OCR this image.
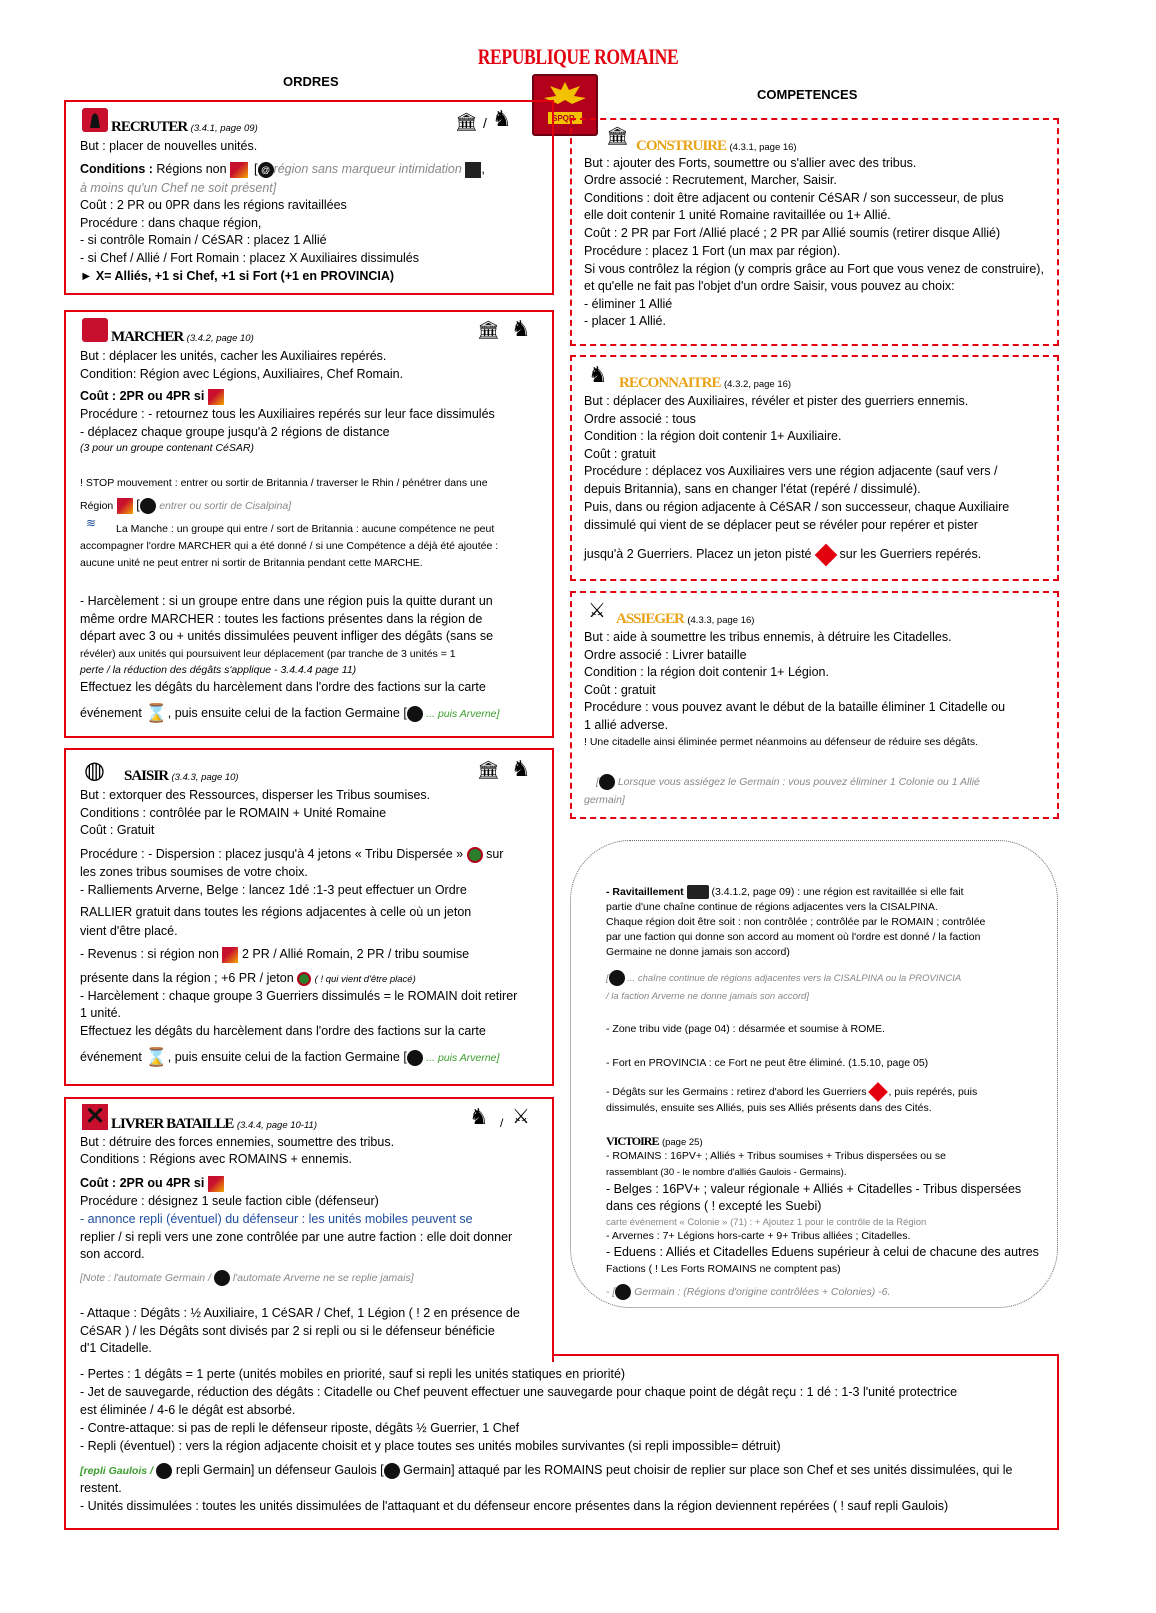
REPUBLIQUE ROMAINE
ORDRES
COMPETENCES
SPQR
RECRUTER (3.4.1, page 09)	🏛 / ♞
But : placer de nouvelles unités.
Conditions : Régions non [ @ région sans marqueur intimidation ,
à moins qu'un Chef ne soit présent]
Coût : 2 PR ou 0PR dans les régions ravitaillées
Procédure : dans chaque région,
- si contrôle Romain / CéSAR : placez 1 Allié
- si Chef / Allié / Fort Romain : placez X Auxiliaires dissimulés
► X= Alliés, +1 si Chef, +1 si Fort (+1 en PROVINCIA)
MARCHER (3.4.2, page 10)	🏛 ♞
But : déplacer les unités, cacher les Auxiliaires repérés.
Condition: Région avec Légions, Auxiliaires, Chef Romain.
Coût : 2PR ou 4PR si
Procédure : - retournez tous les Auxiliaires repérés sur leur face dissimulés
- déplacez chaque groupe jusqu'à 2 régions de distance
(3 pour un groupe contenant CéSAR)
! STOP mouvement : entrer ou sortir de Britannia / traverser le Rhin / pénétrer dans une
Région  [ entrer ou sortir de Cisalpina]
≋	La Manche : un groupe qui entre / sort de Britannia : aucune compétence ne peut
accompagner l'ordre MARCHER qui a été donné / si une Compétence a déjà été ajoutée :
aucune unité ne peut entrer ni sortir de Britannia pendant cette MARCHE.
- Harcèlement : si un groupe entre dans une région puis la quitte durant un
même ordre MARCHER : toutes les factions présentes dans la région de
départ avec 3 ou + unités dissimulées peuvent infliger des dégâts (sans se
révéler) aux unités qui poursuivent leur déplacement (par tranche de 3 unités = 1
perte / la réduction des dégâts s'applique - 3.4.4.4 page 11)
Effectuez les dégâts du harcèlement dans l'ordre des factions sur la carte
événement ⌛, puis ensuite celui de la faction Germaine [ ... puis Arverne]
◍	SAISIR (3.4.3, page 10)	🏛 ♞
But : extorquer des Ressources, disperser les Tribus soumises.
Conditions : contrôlée par le ROMAIN + Unité Romaine
Coût : Gratuit
Procédure : - Dispersion : placez jusqu'à 4 jetons « Tribu Dispersée » sur
les zones tribus soumises de votre choix.
- Ralliements Arverne, Belge : lancez 1dé :1-3 peut effectuer un Ordre
RALLIER gratuit dans toutes les régions adjacentes à celle où un jeton
vient d'être placé.
- Revenus : si région non 2 PR / Allié Romain, 2 PR / tribu soumise
présente dans la région ; +6 PR / jeton ( ! qui vient d'être placé)
- Harcèlement : chaque groupe 3 Guerriers dissimulés = le ROMAIN doit retirer
1 unité.
Effectuez les dégâts du harcèlement dans l'ordre des factions sur la carte
événement ⌛, puis ensuite celui de la faction Germaine [ ... puis Arverne]
✕ LIVRER BATAILLE (3.4.4, page 10-11)	♞ / ⚔
But : détruire des forces ennemies, soumettre des tribus.
Conditions : Régions avec ROMAINS + ennemis.
Coût : 2PR ou 4PR si
Procédure : désignez 1 seule faction cible (défenseur)
- annonce repli (éventuel) du défenseur : les unités mobiles peuvent se
replier / si repli vers une zone contrôlée par une autre faction : elle doit donner
son accord.
[Note : l'automate Germain / l'automate Arverne ne se replie jamais]
- Attaque : Dégâts : ½ Auxiliaire, 1 CéSAR / Chef, 1 Légion ( ! 2 en présence de
CéSAR ) / les Dégâts sont divisés par 2 si repli ou si le défenseur bénéficie
d'1 Citadelle.
- Pertes : 1 dégâts = 1 perte (unités mobiles en priorité, sauf si repli les unités statiques en priorité)
- Jet de sauvegarde, réduction des dégâts : Citadelle ou Chef peuvent effectuer une sauvegarde pour chaque point de dégât reçu : 1 dé : 1-3 l'unité protectrice
est éliminée / 4-6 le dégât est absorbé.
- Contre-attaque: si pas de repli le défenseur riposte, dégâts ½ Guerrier, 1 Chef
- Repli (éventuel) : vers la région adjacente choisit et y place toutes ses unités mobiles survivantes (si repli impossible= détruit)
[repli Gaulois / repli Germain] un défenseur Gaulois [ Germain] attaqué par les ROMAINS peut choisir de replier sur place son Chef et ses unités dissimulées, qui le
restent.
- Unités dissimulées : toutes les unités dissimulées de l'attaquant et du défenseur encore présentes dans la région deviennent repérées ( ! sauf repli Gaulois)
🏛 CONSTRUIRE (4.3.1, page 16)
But : ajouter des Forts, soumettre ou s'allier avec des tribus.
Ordre associé : Recrutement, Marcher, Saisir.
Conditions : doit être adjacent ou contenir CéSAR / son successeur, de plus
elle doit contenir 1 unité Romaine ravitaillée ou 1+ Allié.
Coût : 2 PR par Fort /Allié placé ; 2 PR par Allié soumis (retirer disque Allié)
Procédure : placez 1 Fort (un max par région).
Si vous contrôlez la région (y compris grâce au Fort que vous venez de construire),
et qu'elle ne fait pas l'objet d'un ordre Saisir, vous pouvez au choix:
- éliminer 1 Allié
- placer 1 Allié.
♞ RECONNAITRE (4.3.2, page 16)
But : déplacer des Auxiliaires, révéler et pister des guerriers ennemis.
Ordre associé : tous
Condition : la région doit contenir 1+ Auxiliaire.
Coût : gratuit
Procédure : déplacez vos Auxiliaires vers une région adjacente (sauf vers /
depuis Britannia), sans en changer l'état (repéré / dissimulé).
Puis, dans ou région adjacente à CéSAR / son successeur, chaque Auxiliaire
dissimulé qui vient de se déplacer peut se révéler pour repérer et pister
jusqu'à 2 Guerriers. Placez un jeton pisté sur les Guerriers repérés.
⚔ ASSIEGER (4.3.3, page 16)
But : aide à soumettre les tribus ennemis, à détruire les Citadelles.
Ordre associé : Livrer bataille
Condition : la région doit contenir 1+ Légion.
Coût : gratuit
Procédure : vous pouvez avant le début de la bataille éliminer 1 Citadelle ou
1 allié adverse.
! Une citadelle ainsi éliminée permet néanmoins au défenseur de réduire ses dégâts.
[ Lorsque vous assiégez le Germain : vous pouvez éliminer 1 Colonie ou 1 Allié
germain]
- Ravitaillement	(3.4.1.2, page 09) : une région est ravitaillée si elle fait
partie d'une chaîne continue de régions adjacentes vers la CISALPINA.
Chaque région doit être soit : non contrôlée ; contrôlée par le ROMAIN ; contrôlée
par une faction qui donne son accord au moment où l'ordre est donné / la faction
Germaine ne donne jamais son accord)
[ ... chaîne continue de régions adjacentes vers la CISALPINA ou la PROVINCIA
/ la faction Arverne ne donne jamais son accord]
- Zone tribu vide (page 04) : désarmée et soumise à ROME.
- Fort en PROVINCIA : ce Fort ne peut être éliminé. (1.5.10, page 05)
- Dégâts sur les Germains : retirez d'abord les Guerriers , puis repérés, puis
dissimulés, ensuite ses Alliés, puis ses Alliés présents dans des Cités.
VICTOIRE (page 25)
- ROMAINS : 16PV+ ; Alliés + Tribus soumises + Tribus dispersées ou se
rassemblant (30 - le nombre d'alliés Gaulois - Germains).
- Belges : 16PV+ ; valeur régionale + Alliés + Citadelles - Tribus dispersées
dans ces régions ( ! excepté les Suebi)
carte événement « Colonie » (71) : + Ajoutez 1 pour le contrôle de la Région
- Arvernes : 7+ Légions hors-carte + 9+ Tribus alliées ; Citadelles.
- Eduens : Alliés et Citadelles Eduens supérieur à celui de chacune des autres
Factions ( ! Les Forts ROMAINS ne comptent pas)
- [ Germain : (Régions d'origine contrôlées + Colonies) -6.
